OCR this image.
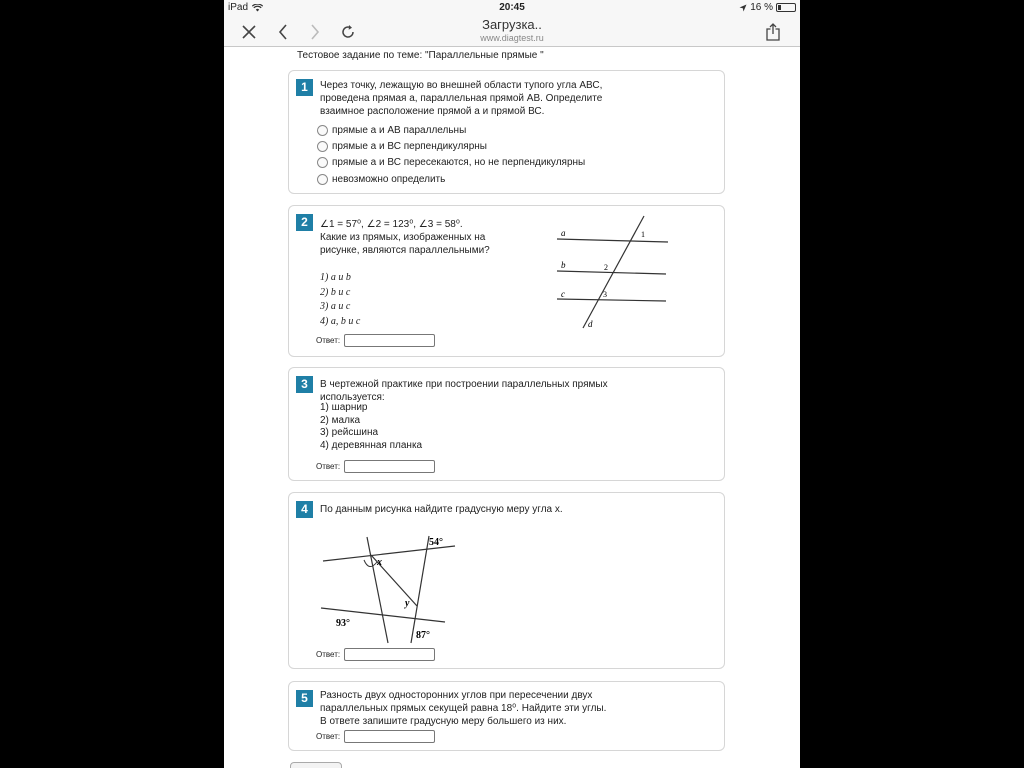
iPad	20:45	16 %
Загрузка..
www.diagtest.ru
Тестовое задание по теме: "Параллельные прямые "
1	Через точку, лежащую во внешней области тупого угла АВС,
проведена прямая a, параллельная прямой АВ. Определите
взаимное расположение прямой a и прямой ВС.
прямые a и АВ параллельны
прямые a и ВС перпендикулярны
прямые a и ВС пересекаются, но не перпендикулярны
невозможно определить
2	∠1 = 57⁰, ∠2 = 123⁰, ∠3 = 58⁰.
Какие из прямых, изображенных на
рисунке, являются параллельными?
1) a и b
2) b и c
3) a и c
4) a, b и c
a
b
c
d
1
2
3
Ответ:
3	В чертежной практике при построении параллельных прямых
используется:
1) шарнир
2) малка
3) рейсшина
4) деревянная планка
Ответ:
4	По данным рисунка найдите градусную меру угла x.
54°
x
y
93°
87°
Ответ:
5	Разность двух односторонних углов при пересечении двух
параллельных прямых секущей равна 18⁰. Найдите эти углы.
В ответе запишите градусную меру большего из них.
Ответ:
